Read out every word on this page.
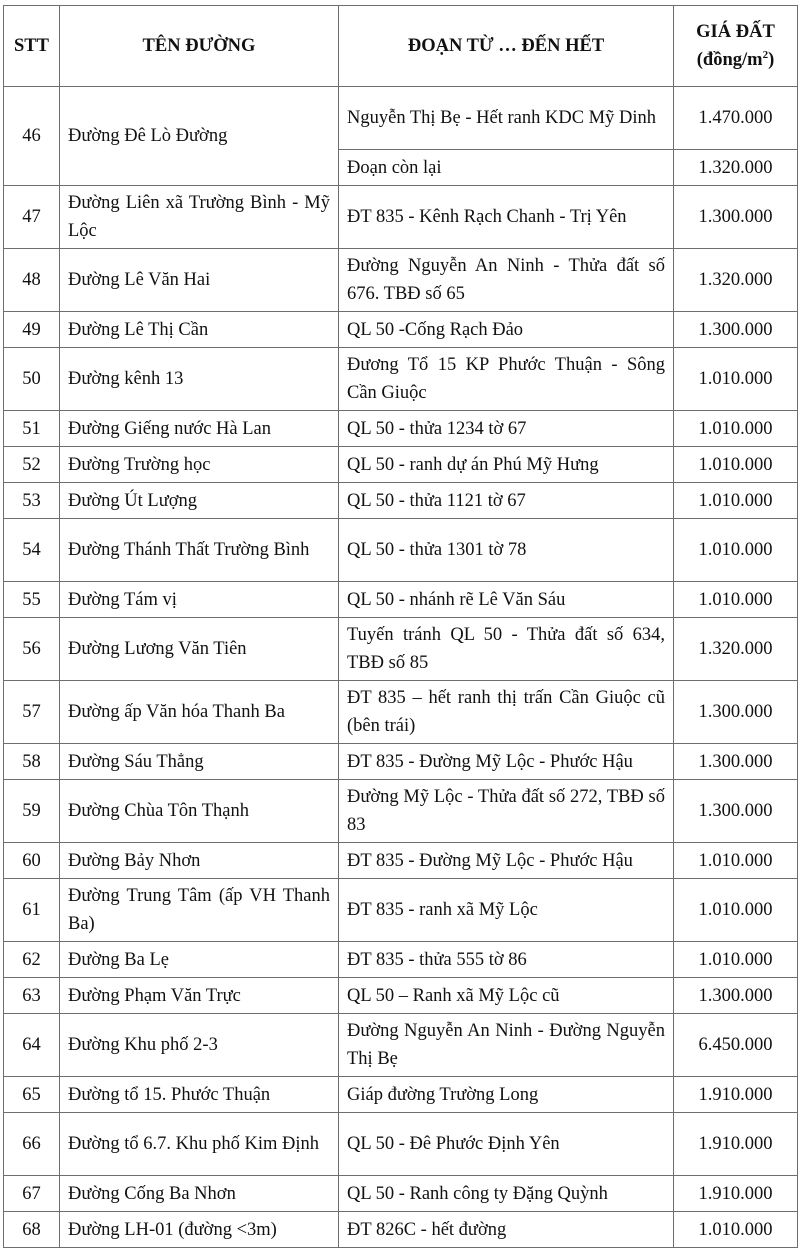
STT	TÊN ĐƯỜNG	ĐOẠN TỪ … ĐẾN HẾT	GIÁ ĐẤT
$(đồng/m^2)$

46	Đường Đê Lò Đường	Nguyễn Thị Bẹ - Hết ranh KDC Mỹ Dinh	1.470.000
		Đoạn còn lại	1.320.000
47	Đường Liên xã Trường Bình - Mỹ Lộc	ĐT 835 - Kênh Rạch Chanh - Trị Yên	1.300.000
48	Đường Lê Văn Hai	Đường Nguyễn An Ninh - Thửa đất số 676. TBĐ số 65	1.320.000
49	Đường Lê Thị Cần	QL 50 -Cống Rạch Đảo	1.300.000
50	Đường kênh 13	Đương Tổ 15 KP Phước Thuận - Sông Cần Giuộc	1.010.000
51	Đường Giếng nước Hà Lan	QL 50 - thửa 1234 tờ 67	1.010.000
52	Đường Trường học	QL 50 - ranh dự án Phú Mỹ Hưng	1.010.000
53	Đường Út Lượng	QL 50 - thửa 1121 tờ 67	1.010.000
54	Đường Thánh Thất Trường Bình	QL 50 - thửa 1301 tờ 78	1.010.000
55	Đường Tám vị	QL 50 - nhánh rẽ Lê Văn Sáu	1.010.000
56	Đường Lương Văn Tiên	Tuyến tránh QL 50 - Thửa đất số 634, TBĐ số 85	1.320.000
57	Đường ấp Văn hóa Thanh Ba	ĐT 835 – hết ranh thị trấn Cần Giuộc cũ (bên trái)	1.300.000
58	Đường Sáu Thẳng	ĐT 835 - Đường Mỹ Lộc - Phước Hậu	1.300.000
59	Đường Chùa Tôn Thạnh	Đường Mỹ Lộc - Thửa đất số 272, TBĐ số 83	1.300.000
60	Đường Bảy Nhơn	ĐT 835 - Đường Mỹ Lộc - Phước Hậu	1.010.000
61	Đường Trung Tâm (ấp VH Thanh Ba)	ĐT 835 - ranh xã Mỹ Lộc	1.010.000
62	Đường Ba Lẹ	ĐT 835 - thửa 555 tờ 86	1.010.000
63	Đường Phạm Văn Trực	QL 50 – Ranh xã Mỹ Lộc cũ	1.300.000
64	Đường Khu phố 2-3	Đường Nguyễn An Ninh - Đường Nguyễn Thị Bẹ	6.450.000
65	Đường tổ 15. Phước Thuận	Giáp đường Trường Long	1.910.000
66	Đường tổ 6.7. Khu phố Kim Định	QL 50 - Đê Phước Định Yên	1.910.000
67	Đường Cống Ba Nhơn	QL 50 - Ranh công ty Đặng Quỳnh	1.910.000
68	Đường LH-01 (đường <3m)	ĐT 826C - hết đường	1.010.000
